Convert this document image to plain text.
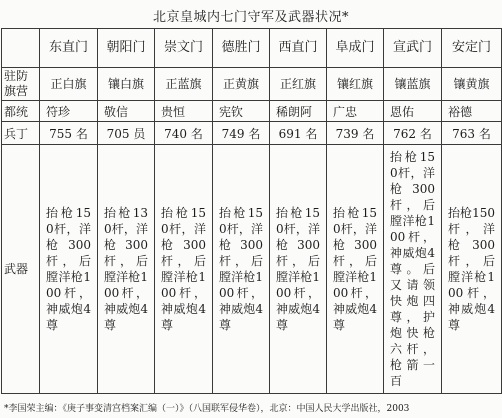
北京皇城内七门守军及武器状况*
	东直门	朝阳门	崇文门	德胜门	西直门	阜成门	宣武门	安定门
驻防旗营	正白旗	镶白旗	正蓝旗	正黄旗	正红旗	镶红旗	镶蓝旗	镶黄旗
都统	符珍	敬信	贵恒	宪钦	稀朗阿	广忠	恩佑	裕德
兵丁	755 名	705 员	740 名	749 名	691 名	739 名	762 名	763 名
武器	抬枪150杆，洋枪300杆，后膛洋枪100杆，神威炮4尊	抬枪130杆，洋枪300杆，后膛洋枪100杆，神威炮4尊	抬枪150杆，洋枪300杆，后膛洋枪100杆，神威炮4尊	抬枪150杆，洋枪300杆，后膛洋枪100杆，神威炮4尊	抬枪150杆，洋枪300杆，后膛洋枪100杆，神威炮4尊	抬枪150杆，洋枪300杆，后膛洋枪100杆，神威炮4尊	抬枪150杆，洋枪300杆，后膛洋枪100杆，神威炮4尊。后又请领快炮四尊，护炮快枪六杆，枪箭一百	抬枪150杆，洋枪300杆，后膛洋枪100杆，神威炮4尊
*李国荣主编：《庚子事变清宫档案汇编（一）》（八国联军侵华卷），北京：中国人民大学出版社，2003
